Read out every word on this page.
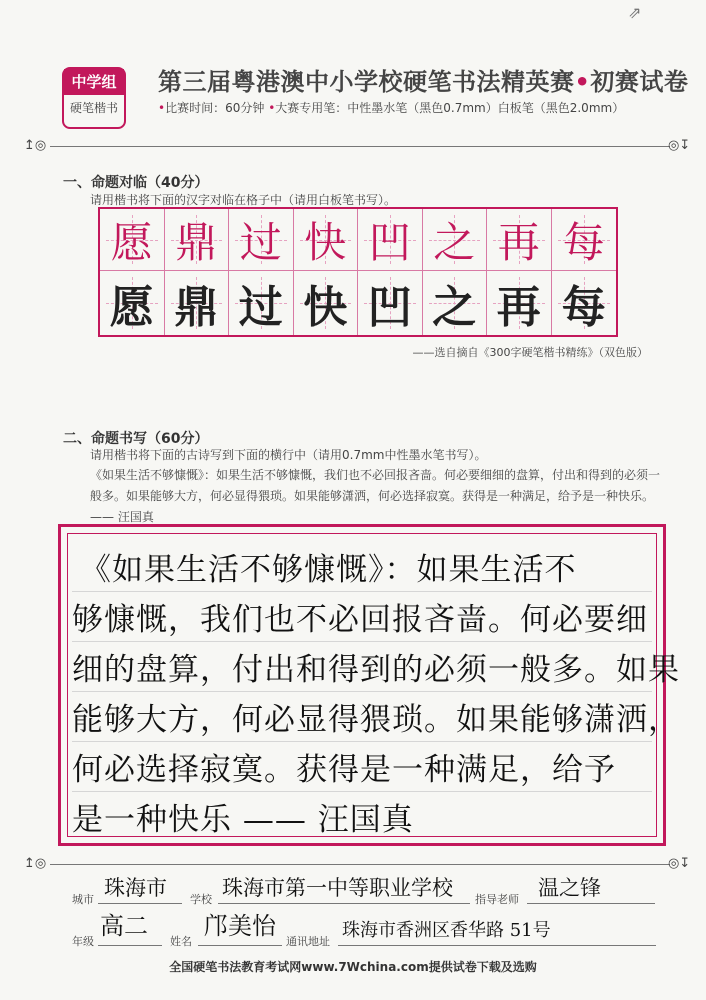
⇗
中学组
硬笔楷书
第三届粤港澳中小学校硬笔书法精英赛•初赛试卷
•比赛时间：60分钟 •大赛专用笔：中性墨水笔（黑色0.7mm）白板笔（黑色2.0mm）
↥◎	◎↧
一、命题对临（40分）
请用楷书将下面的汉字对临在格子中（请用白板笔书写）。
愿 鼎 过 快 凹 之 再 每
愿 鼎 过 快 凹 之 再 每
——选自摘自《300字硬笔楷书精练》（双色版）
二、命题书写（60分）
请用楷书将下面的古诗写到下面的横行中（请用0.7mm中性墨水笔书写）。
《如果生活不够慷慨》：如果生活不够慷慨，我们也不必回报吝啬。何必要细细的盘算，付出和得到的必须一般多。如果能够大方，何必显得猥琐。如果能够潇洒，何必选择寂寞。获得是一种满足，给予是一种快乐。—— 汪国真
《如果生活不够慷慨》：如果生活不
够慷慨，我们也不必回报吝啬。何必要细
细的盘算，付出和得到的必须一般多。如果
能够大方，何必显得猥琐。如果能够潇洒，
何必选择寂寞。获得是一种满足，给予
是一种快乐 —— 汪国真
↥◎	◎↧
城市 珠海市 学校 珠海市第一中等职业学校 指导老师 温之锋
年级
高二
姓名
邝美怡
通讯地址
珠海市香洲区香华路 51号
全国硬笔书法教育考试网www.7Wchina.com提供试卷下载及选购
